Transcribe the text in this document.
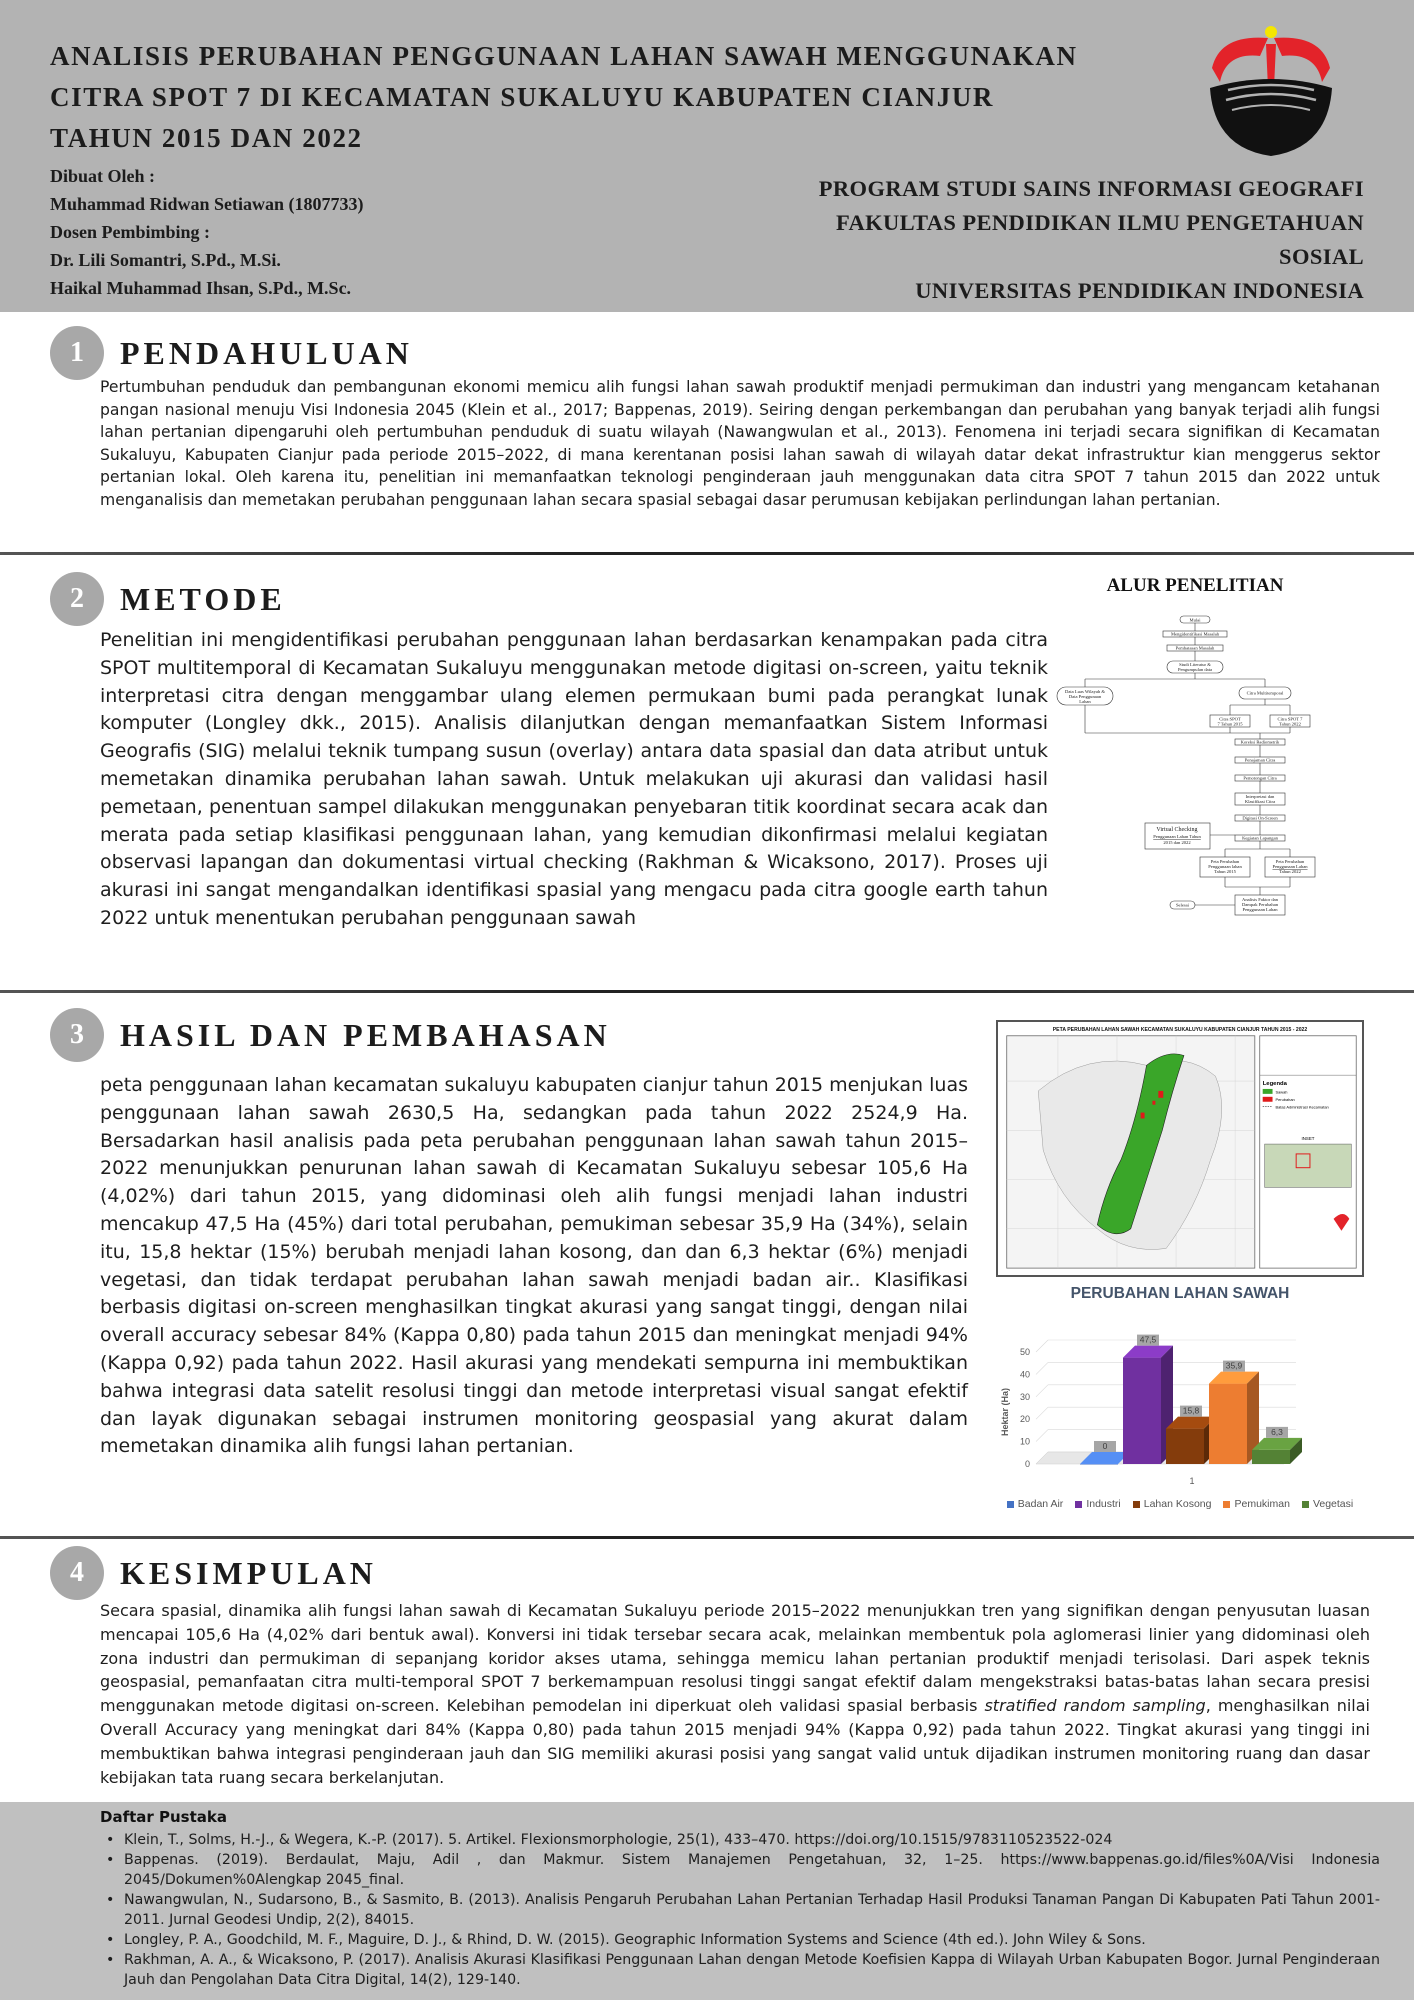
ANALISIS PERUBAHAN PENGGUNAAN LAHAN SAWAH MENGGUNAKAN
CITRA SPOT 7 DI KECAMATAN SUKALUYU KABUPATEN CIANJUR
TAHUN 2015 DAN 2022
Dibuat Oleh :
Muhammad Ridwan Setiawan (1807733)
Dosen Pembimbing :
Dr. Lili Somantri, S.Pd., M.Si.
Haikal Muhammad Ihsan, S.Pd., M.Sc.
PROGRAM STUDI SAINS INFORMASI GEOGRAFI
FAKULTAS PENDIDIKAN ILMU PENGETAHUAN
SOSIAL
UNIVERSITAS PENDIDIKAN INDONESIA
1	PENDAHULUAN
Pertumbuhan penduduk dan pembangunan ekonomi memicu alih fungsi lahan sawah produktif menjadi permukiman dan industri yang mengancam ketahanan pangan nasional menuju Visi Indonesia 2045 (Klein et al., 2017; Bappenas, 2019). Seiring dengan perkembangan dan perubahan yang banyak terjadi alih fungsi lahan pertanian dipengaruhi oleh pertumbuhan penduduk di suatu wilayah (Nawangwulan et al., 2013). Fenomena ini terjadi secara signifikan di Kecamatan Sukaluyu, Kabupaten Cianjur pada periode 2015–2022, di mana kerentanan posisi lahan sawah di wilayah datar dekat infrastruktur kian menggerus sektor pertanian lokal. Oleh karena itu, penelitian ini memanfaatkan teknologi penginderaan jauh menggunakan data citra SPOT 7 tahun 2015 dan 2022 untuk menganalisis dan memetakan perubahan penggunaan lahan secara spasial sebagai dasar perumusan kebijakan perlindungan lahan pertanian.
2	METODE
Penelitian ini mengidentifikasi perubahan penggunaan lahan berdasarkan kenampakan pada citra SPOT multitemporal di Kecamatan Sukaluyu menggunakan metode digitasi on-screen, yaitu teknik interpretasi citra dengan menggambar ulang elemen permukaan bumi pada perangkat lunak komputer (Longley dkk., 2015). Analisis dilanjutkan dengan memanfaatkan Sistem Informasi Geografis (SIG) melalui teknik tumpang susun (overlay) antara data spasial dan data atribut untuk memetakan dinamika perubahan lahan sawah. Untuk melakukan uji akurasi dan validasi hasil pemetaan, penentuan sampel dilakukan menggunakan penyebaran titik koordinat secara acak dan merata pada setiap klasifikasi penggunaan lahan, yang kemudian dikonfirmasi melalui kegiatan observasi lapangan dan dokumentasi virtual checking (Rakhman & Wicaksono, 2017). Proses uji akurasi ini sangat mengandalkan identifikasi spasial yang mengacu pada citra google earth tahun 2022 untuk menentukan perubahan penggunaan sawah
ALUR PENELITIAN
Mulai
Mengidentifikasi Masalah
Pembatasan Masalah
Studi Literatur &
Pengumpulan data
Data Luas Wilayah &
Data Penggunaan
Lahan
Citra Multitemporal
Citra SPOT
7 Tahun 2015
Citra SPOT 7
Tahun 2022
Koreksi Radiometrik
Penajaman Citra
Pemotongan Citra
Interpretasi dan
Klasifikasi Citra
Digitasi On-Screen
Virtual Checking
Penggunaan Lahan Tahun
2015 dan 2022
Kegiatan Lapangan
Peta Perubahan
Penggunaan lahan
Tahun 2015
Peta Perubahan
Penggunaan Lahan
Tahun 2022
Analisis Faktor dan
Dampak Perubahan
Penggunaan Lahan
Selesai
3	HASIL DAN PEMBAHASAN
peta penggunaan lahan kecamatan sukaluyu kabupaten cianjur tahun 2015 menjukan luas penggunaan lahan sawah 2630,5 Ha, sedangkan pada tahun 2022 2524,9 Ha. Bersadarkan hasil analisis pada peta perubahan penggunaan lahan sawah tahun 2015–2022 menunjukkan penurunan lahan sawah di Kecamatan Sukaluyu sebesar 105,6 Ha (4,02%) dari tahun 2015, yang didominasi oleh alih fungsi menjadi lahan industri mencakup 47,5 Ha (45%) dari total perubahan, pemukiman sebesar 35,9 Ha (34%), selain itu, 15,8 hektar (15%) berubah menjadi lahan kosong, dan dan 6,3 hektar (6%) menjadi vegetasi, dan tidak terdapat perubahan lahan sawah menjadi badan air.. Klasifikasi berbasis digitasi on-screen menghasilkan tingkat akurasi yang sangat tinggi, dengan nilai overall accuracy sebesar 84% (Kappa 0,80) pada tahun 2015 dan meningkat menjadi 94% (Kappa 0,92) pada tahun 2022. Hasil akurasi yang mendekati sempurna ini membuktikan bahwa integrasi data satelit resolusi tinggi dan metode interpretasi visual sangat efektif dan layak digunakan sebagai instrumen monitoring geospasial yang akurat dalam memetakan dinamika alih fungsi lahan pertanian.
PETA PERUBAHAN LAHAN SAWAH KECAMATAN SUKALUYU KABUPATEN CIANJUR TAHUN 2015 - 2022
Legenda
Sawah
Perubahan
Batas Administrasi Kecamatan
INSET
PERUBAHAN LAHAN SAWAH
0
10
20
30
40
50
Hektar (Ha)
0
47,5
15,8
35,9
6,3
1
Badan Air Industri Lahan Kosong Pemukiman Vegetasi
4	KESIMPULAN
Secara spasial, dinamika alih fungsi lahan sawah di Kecamatan Sukaluyu periode 2015–2022 menunjukkan tren yang signifikan dengan penyusutan luasan mencapai 105,6 Ha (4,02% dari bentuk awal). Konversi ini tidak tersebar secara acak, melainkan membentuk pola aglomerasi linier yang didominasi oleh zona industri dan permukiman di sepanjang koridor akses utama, sehingga memicu lahan pertanian produktif menjadi terisolasi. Dari aspek teknis geospasial, pemanfaatan citra multi-temporal SPOT 7 berkemampuan resolusi tinggi sangat efektif dalam mengekstraksi batas-batas lahan secara presisi menggunakan metode digitasi on-screen. Kelebihan pemodelan ini diperkuat oleh validasi spasial berbasis stratified random sampling, menghasilkan nilai Overall Accuracy yang meningkat dari 84% (Kappa 0,80) pada tahun 2015 menjadi 94% (Kappa 0,92) pada tahun 2022. Tingkat akurasi yang tinggi ini membuktikan bahwa integrasi penginderaan jauh dan SIG memiliki akurasi posisi yang sangat valid untuk dijadikan instrumen monitoring ruang dan dasar kebijakan tata ruang secara berkelanjutan.
Daftar Pustaka
• Klein, T., Solms, H.-J., & Wegera, K.-P. (2017). 5. Artikel. Flexionsmorphologie, 25(1), 433–470. https://doi.org/10.1515/9783110523522-024
• Bappenas. (2019). Berdaulat, Maju, Adil , dan Makmur. Sistem Manajemen Pengetahuan, 32, 1–25. https://www.bappenas.go.id/files%0A/Visi Indonesia 2045/Dokumen%0Alengkap 2045_final.
• Nawangwulan, N., Sudarsono, B., & Sasmito, B. (2013). Analisis Pengaruh Perubahan Lahan Pertanian Terhadap Hasil Produksi Tanaman Pangan Di Kabupaten Pati Tahun 2001-2011. Jurnal Geodesi Undip, 2(2), 84015.
• Longley, P. A., Goodchild, M. F., Maguire, D. J., & Rhind, D. W. (2015). Geographic Information Systems and Science (4th ed.). John Wiley & Sons.
• Rakhman, A. A., & Wicaksono, P. (2017). Analisis Akurasi Klasifikasi Penggunaan Lahan dengan Metode Koefisien Kappa di Wilayah Urban Kabupaten Bogor. Jurnal Penginderaan Jauh dan Pengolahan Data Citra Digital, 14(2), 129-140.
